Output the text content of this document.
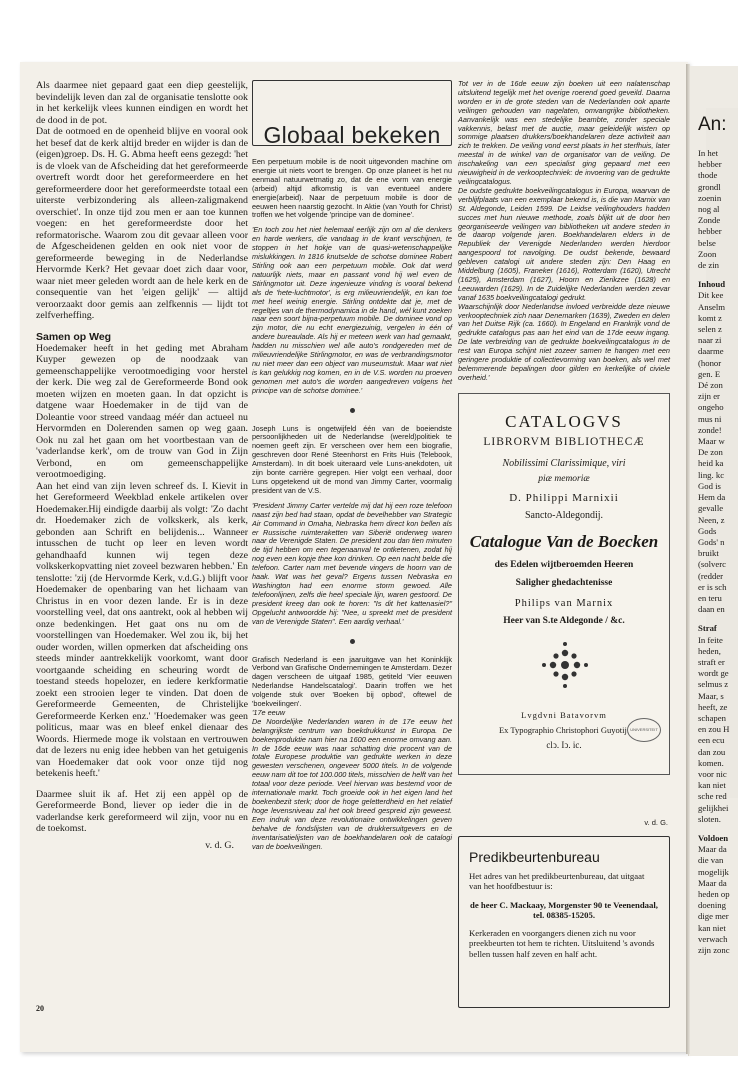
Als daarmee niet gepaard gaat een diep geestelijk, bevindelijk leven dan zal de organisatie tenslotte ook in het kerkelijk vlees kunnen eindigen en wordt het de dood in de pot.

Dat de ootmoed en de openheid blijve en vooral ook het besef dat de kerk altijd breder en wijder is dan de (eigen)groep. Ds. H. G. Abma heeft eens gezegd: 'het is de vloek van de Afscheiding dat het gereformeerde overtreft wordt door het gereformeerdere en het gereformeerdere door het gereformeerdste totaal een uiterste verbizondering als alleen-zaligmakend overschiet'. In onze tijd zou men er aan toe kunnen voegen: en het gereformeerdste door het reformatorische. Waarom zou dit gevaar alleen voor de Afgescheidenen gelden en ook niet voor de gereformeerde beweging in de Nederlandse Hervormde Kerk? Het gevaar doet zich daar voor, waar niet meer geleden wordt aan de hele kerk en de consequentie van het 'eigen gelijk' — altijd veroorzaakt door gemis aan zelfkennis — lijdt tot zelfverheffing.

Samen op Weg

Hoedemaker heeft in het geding met Abraham Kuyper gewezen op de noodzaak van gemeenschappelijke verootmoediging voor herstel der kerk. Die weg zal de Gereformeerde Bond ook moeten wijzen en moeten gaan. In dat opzicht is datgene waar Hoedemaker in de tijd van de Doleantie voor streed vandaag méér dan actueel nu Hervormden en Dolerenden samen op weg gaan. Ook nu zal het gaan om het voortbestaan van de 'vaderlandse kerk', om de trouw van God in Zijn Verbond, en om gemeenschappelijke verootmoediging.

Aan het eind van zijn leven schreef ds. I. Kievit in het Gereformeerd Weekblad enkele artikelen over Hoedemaker.Hij eindigde daarbij als volgt: 'Zo dacht dr. Hoedemaker zich de volkskerk, als kerk, gebonden aan Schrift en belijdenis... Wanneer intusschen de tucht op leer en leven wordt gehandhaafd kunnen wij tegen deze volkskerkopvatting niet zoveel bezwaren hebben.' En tenslotte: 'zij (de Hervormde Kerk, v.d.G.) blijft voor Hoedemaker de openbaring van het lichaam van Christus in en voor dezen lande. Er is in deze voorstelling veel, dat ons aantrekt, ook al hebben wij onze bedenkingen. Het gaat ons nu om de voorstellingen van Hoedemaker. Wel zou ik, bij het ouder worden, willen opmerken dat afscheiding ons steeds minder aantrekkelijk voorkomt, want door voortgaande scheiding en scheuring wordt de toestand steeds hopelozer, en iedere kerkformatie zoekt een strooien leger te vinden. Dat doen de Gereformeerde Gemeenten, de Christelijke Gereformeerde Kerken enz.' 'Hoedemaker was geen politicus, maar was en bleef enkel dienaar des Woords. Hiermede moge ik volstaan en vertrouwen dat de lezers nu enig idee hebben van het getuigenis van Hoedemaker dat ook voor onze tijd nog betekenis heeft.'

Daarmee sluit ik af. Het zij een appèl op de Gereformeerde Bond, liever op ieder die in de vaderlandse kerk gereformeerd wil zijn, voor nu en de toekomst.

v. d. G.

20
Globaal bekeken

Een perpetuum mobile is de nooit uitgevonden machine om energie uit niets voort te brengen. Op onze planeet is het nu eenmaal natuurwetmatig zo, dat de ene vorm van energie (arbeid) altijd afkomstig is van eventueel andere energie(arbeid). Naar de perpetuum mobile is door de eeuwen heen naarstig gezocht. In Aktie (van Youth for Christ) troffen we het volgende 'principe van de dominee'.

'En toch zou het niet helemaal eerlijk zijn om al die denkers en harde werkers, die vandaag in de krant verschijnen, te stoppen in het hokje van de quasi-wetenschappelijke mislukkingen. In 1816 knutselde de schotse dominee Robert Stirling ook aan een perpetuum mobile. Ook dat werd natuurlijk niets, maar en passant vond hij wel even de Stirlingmotor uit. Deze ingenieuze vinding is vooral bekend als de 'hete-luchtmotor', is erg milieuvriendelijk, en kan toe met heel weinig energie. Stirling ontdekte dat je, met de regeltjes van de thermodynamica in de hand, wél kunt zoeken naar een soort bijna-perpetuum mobile. De dominee vond op zijn motor, die nu echt energiezuinig, vergelen in één of andere bureaulade. Als hij er meteen werk van had gemaakt, hadden nu misschien wel alle auto's rondgereden met de milieuvriendelijke Stirlingmotor, en was de verbrandingsmotor nu niet meer dan een object van museumstuk. Maar wat niet is kan gelukkig nog komen, en in de V.S. worden nu proeven genomen met auto's die worden aangedreven volgens het principe van de schotse dominee.'

Joseph Luns is ongetwijfeld één van de boeiendste persoonlijkheden uit de Nederlandse (wereld)politiek te noemen geeft zijn. Er verscheen over hem een biografie, geschreven door René Steenhorst en Frits Huis (Telebook, Amsterdam). In dit boek uiteraard vele Luns-anekdoten, uit zijn bonte carrière gegrepen. Hier volgt een verhaal, door Luns opgetekend uit de mond van Jimmy Carter, voormalig president van de V.S.

'President Jimmy Carter vertelde mij dat hij een roze telefoon naast zijn bed had staan, opdat de bevelhebber van Strategic Air Command in Omaha, Nebraska hem direct kon bellen als er Russische ruimteraketten van Siberië onderweg waren naar de Verenigde Staten. De president zou dan tien minuten de tijd hebben om een tegenaanval te ontketenen, zodat hij nog even een kopje thee kon drinken. Op een nacht belde die telefoon. Carter nam met bevende vingers de hoorn van de haak. Wat was het geval? Ergens tussen Nebraska en Washington had een enorme storm gewoed. Alle telefoonlijnen, zelfs die heel speciale lijn, waren gestoord. De president kreeg dan ook te horen: "Is dit het kattenasiel?" Opgelucht antwoordde hij: "Nee, u spreekt met de president van de Verenigde Staten". Een aardig verhaal.'

Grafisch Nederland is een jaaruitgave van het Koninklijk Verbond van Grafische Ondernemingen te Amsterdam. Dezer dagen verscheen de uitgaaf 1985, getiteld 'Vier eeuwen Nederlandse Handelscatalogi'. Daarin troffen we het volgende stuk over 'Boeken bij opbod', oftewel de 'boekveilingen'.

'17e eeuw

De Noordelijke Nederlanden waren in de 17e eeuw het belangrijkste centrum van boekdrukkunst in Europa. De boekenproduktie nam hier na 1600 een enorme omvang aan. In de 16de eeuw was naar schatting drie procent van de totale Europese produktie van gedrukte werken in deze gewesten verschenen, ongeveer 5000 titels. In de volgende eeuw nam dit toe tot 100.000 titels, misschien de helft van het totaal voor deze periode. Veel hiervan was bestemd voor de internationale markt. Toch groeide ook in het eigen land het boekenbezit sterk; door de hoge geletterdheid en het relatief hoge levensniveau zal het ook breed gespreid zijn geweest. Een indruk van deze revolutionaire ontwikkelingen geven behalve de fondslijsten van de drukkersuitgevers en de inventarisatielijsten van de boekhandelaren ook de catalogi van de boekveilingen.

Tot ver in de 16de eeuw zijn boeken uit een nalatenschap uitsluitend tegelijk met het overige roerend goed geveild. Daarna worden er in de grote steden van de Nederlanden ook aparte veilingen gehouden van nagelaten, omvangrijke bibliotheken. Aanvankelijk was een stedelijke beambte, zonder speciale vakkennis, belast met de auctie, maar geleidelijk wisten op sommige plaatsen drukkers/boekhandelaren deze activiteit aan zich te trekken. De veiling vond eerst plaats in het sterfhuis, later meestal in de winkel van de organisator van de veiling. De inschakeling van een specialist ging gepaard met een nieuwigheid in de verkooptechniek: de invoering van de gedrukte veilingcatalogus.

De oudste gedrukte boekveilingcatalogus in Europa, waarvan de verblijfplaats van een exemplaar bekend is, is die van Marnix van St. Aldegonde, Leiden 1599. De Leidse veilinghouders hadden succes met hun nieuwe methode, zoals blijkt uit de door hen georganiseerde veilingen van bibliotheken uit andere steden in de daarop volgende jaren. Boekhandelaren elders in de Republiek der Verenigde Nederlanden werden hierdoor aangespoord tot navolging. De oudst bekende, bewaard gebleven catalogi uit andere steden zijn: Den Haag en Middelburg (1605), Franeker (1616), Rotterdam (1620), Utrecht (1625), Amsterdam (1627), Hoorn en Zierikzee (1628) en Leeuwarden (1629). In de Zuidelijke Nederlanden werden zevar vanaf 1635 boekveilingcatalogi gedrukt.

Waarschijnlijk door Nederlandse invloed verbreidde deze nieuwe verkooptechniek zich naar Denemarken (1639), Zweden en delen van het Duitse Rijk (ca. 1660). In Engeland en Frankrijk vond de gedrukte catalogus pas aan het eind van de 17de eeuw ingang. De late verbreiding van de gedrukte boekveilingcatalogus in de rest van Europa schijnt niet zozeer samen te hangen met een geringere produktie of collectievorming van boeken, als wel met belemmerende bepalingen door gilden en kerkelijke of civiele overheid.'

CATALOGVS
LIBRORVM BIBLIOTHECÆ
Nobilissimi Clarissimique, viri
piæ memoriæ
D. Philippi Marnixii
Sancto-Aldegondij.
Catalogue Van de Boecken
des Edelen wijtberoemden Heeren
Saligher ghedachtenisse
Philips van Marnix
Heer van S.te Aldegonde / &c.
Lvgdvni Batavorvm
Ex Typographio Christophori Guyotij.
clↄ. Iↄ. ic.
UNIVERSITEIT
v. d. G.
Predikbeurtenbureau

Het adres van het predikbeurtenbureau, dat uitgaat van het hoofdbestuur is:

de heer C. Mackaay, Morgenster 90 te Veenendaal, tel. 08385-15205.

Kerkeraden en voorgangers dienen zich nu voor preekbeurten tot hem te richten. Uitsluitend 's avonds bellen tussen half zeven en half acht.

An:
In het
hebber
thode
grondl
zoenin
nog al
Zonde
hebber
belse
Zoon
de zin
Inhoud
Dit kee
Anselm
komt z
selen z
naar zi
daarme
(honor
gen. E
Dé zon
zijn er
ongeho
mus ni
zonde!
Maar w
De zon
heid ka
ling. kc
God is
Hem da
gevalle
Neen, z
Gods
Gods' n
bruikt
(solverc
(redder
er is sch
en teru
daan en
Straf
In feite
heden,
straft er
wordt ge
selmus z
Maar, s
heeft, ze
schapen
en zou H
een ecu
dan zou
komen.
voor nic
kan niet
sche red
gelijkhei
sloten.
Voldoen
Maar da
die van
mogelijk
Maar da
heden op
doening
dige mer
kan niet
verwach
zijn zonc
